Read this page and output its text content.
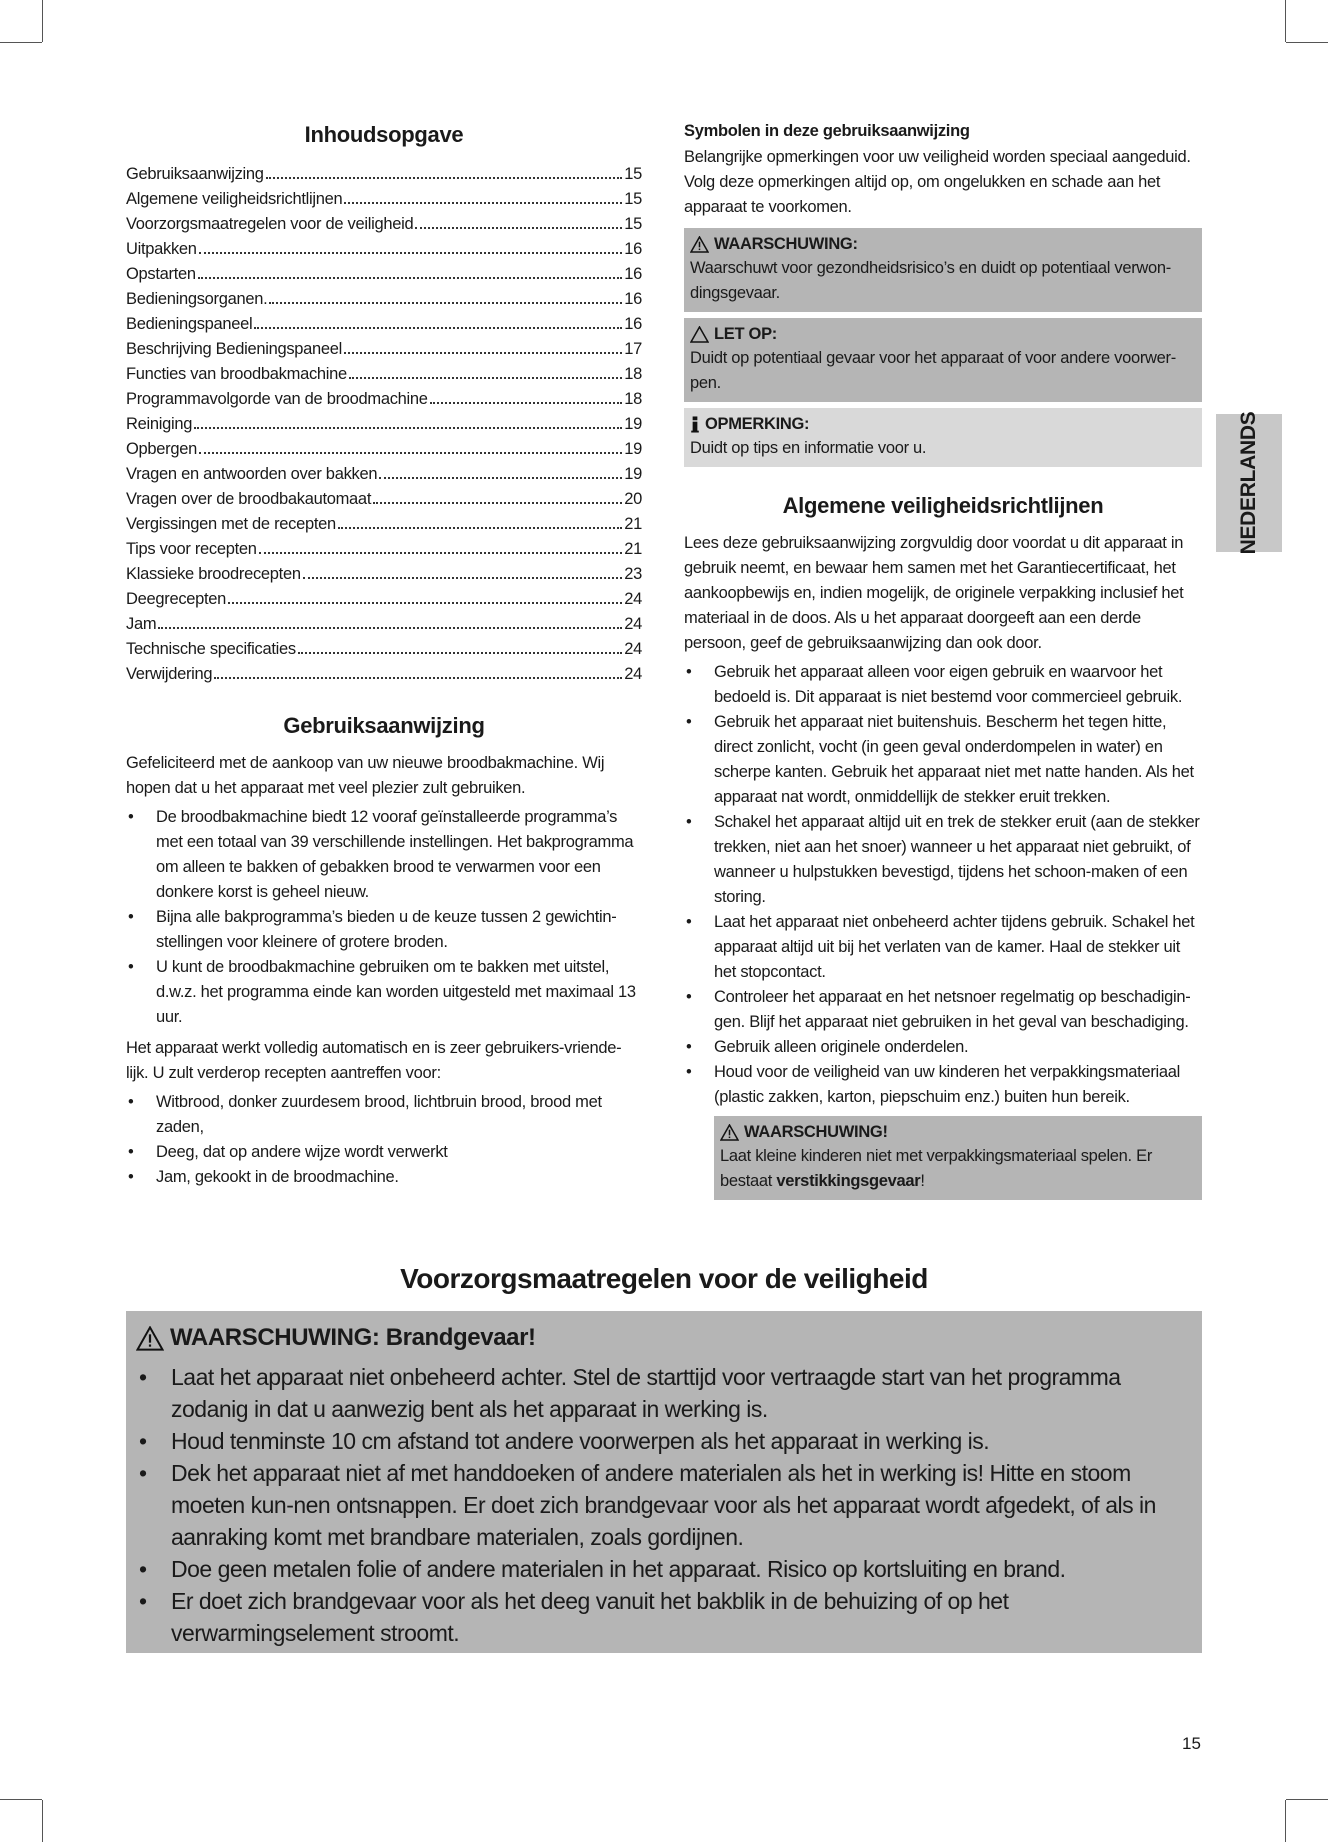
Inhoudsopgave
Gebruiksaanwijzing	15
Algemene veiligheidsrichtlijnen	15
Voorzorgsmaatregelen voor de veiligheid	15
Uitpakken	16
Opstarten	16
Bedieningsorganen.	16
Bedieningspaneel	16
Beschrijving Bedieningspaneel	17
Functies van broodbakmachine	18
Programmavolgorde van de broodmachine	18
Reiniging	19
Opbergen	19
Vragen en antwoorden over bakken	19
Vragen over de broodbakautomaat	20
Vergissingen met de recepten	21
Tips voor recepten	21
Klassieke broodrecepten	23
Deegrecepten	24
Jam	24
Technische specificaties	24
Verwijdering	24
Gebruiksaanwijzing

Gefeliciteerd met de aankoop van uw nieuwe broodbakmachine. Wij hopen dat u het apparaat met veel plezier zult gebruiken.

• De broodbakmachine biedt 12 vooraf geïnstalleerde programma’s met een totaal van 39 verschillende instellingen. Het bakprogramma om alleen te bakken of gebakken brood te verwarmen voor een donkere korst is geheel nieuw.
• Bijna alle bakprogramma’s bieden u de keuze tussen 2 gewichtin-stellingen voor kleinere of grotere broden.
• U kunt de broodbakmachine gebruiken om te bakken met uitstel, d.w.z. het programma einde kan worden uitgesteld met maximaal 13 uur.

Het apparaat werkt volledig automatisch en is zeer gebruikers-vriende-lijk. U zult verderop recepten aantreffen voor:

• Witbrood, donker zuurdesem brood, lichtbruin brood, brood met zaden,
• Deeg, dat op andere wijze wordt verwerkt
• Jam, gekookt in de broodmachine.

Symbolen in deze gebruiksaanwijzing

Belangrijke opmerkingen voor uw veiligheid worden speciaal aangeduid. Volg deze opmerkingen altijd op, om ongelukken en schade aan het apparaat te voorkomen.

WAARSCHUWING:
Waarschuwt voor gezondheidsrisico’s en duidt op potentiaal verwon-dingsgevaar.
LET OP:
Duidt op potentiaal gevaar voor het apparaat of voor andere voorwer-pen.
OPMERKING:
Duidt op tips en informatie voor u.
Algemene veiligheidsrichtlijnen

Lees deze gebruiksaanwijzing zorgvuldig door voordat u dit apparaat in gebruik neemt, en bewaar hem samen met het Garantiecertificaat, het aankoopbewijs en, indien mogelijk, de originele verpakking inclusief het materiaal in de doos. Als u het apparaat doorgeeft aan een derde persoon, geef de gebruiksaanwijzing dan ook door.

• Gebruik het apparaat alleen voor eigen gebruik en waarvoor het bedoeld is. Dit apparaat is niet bestemd voor commercieel gebruik.
• Gebruik het apparaat niet buitenshuis. Bescherm het tegen hitte, direct zonlicht, vocht (in geen geval onderdompelen in water) en scherpe kanten. Gebruik het apparaat niet met natte handen. Als het apparaat nat wordt, onmiddellijk de stekker eruit trekken.
• Schakel het apparaat altijd uit en trek de stekker eruit (aan de stekker trekken, niet aan het snoer) wanneer u het apparaat niet gebruikt, of wanneer u hulpstukken bevestigd, tijdens het schoon-maken of een storing.
• Laat het apparaat niet onbeheerd achter tijdens gebruik. Schakel het apparaat altijd uit bij het verlaten van de kamer. Haal de stekker uit het stopcontact.
• Controleer het apparaat en het netsnoer regelmatig op beschadigin-gen. Blijf het apparaat niet gebruiken in het geval van beschadiging.
• Gebruik alleen originele onderdelen.
• Houd voor de veiligheid van uw kinderen het verpakkingsmateriaal (plastic zakken, karton, piepschuim enz.) buiten hun bereik.
WAARSCHUWING!
Laat kleine kinderen niet met verpakkingsmateriaal spelen. Er bestaat verstikkingsgevaar!
NEDERLANDS
Voorzorgsmaatregelen voor de veiligheid
WAARSCHUWING: Brandgevaar!
• Laat het apparaat niet onbeheerd achter. Stel de starttijd voor vertraagde start van het programma zodanig in dat u aanwezig bent als het apparaat in werking is.
• Houd tenminste 10 cm afstand tot andere voorwerpen als het apparaat in werking is.
• Dek het apparaat niet af met handdoeken of andere materialen als het in werking is! Hitte en stoom moeten kun-nen ontsnappen. Er doet zich brandgevaar voor als het apparaat wordt afgedekt, of als in aanraking komt met brandbare materialen, zoals gordijnen.
• Doe geen metalen folie of andere materialen in het apparaat. Risico op kortsluiting en brand.
• Er doet zich brandgevaar voor als het deeg vanuit het bakblik in de behuizing of op het verwarmingselement stroomt.
15
